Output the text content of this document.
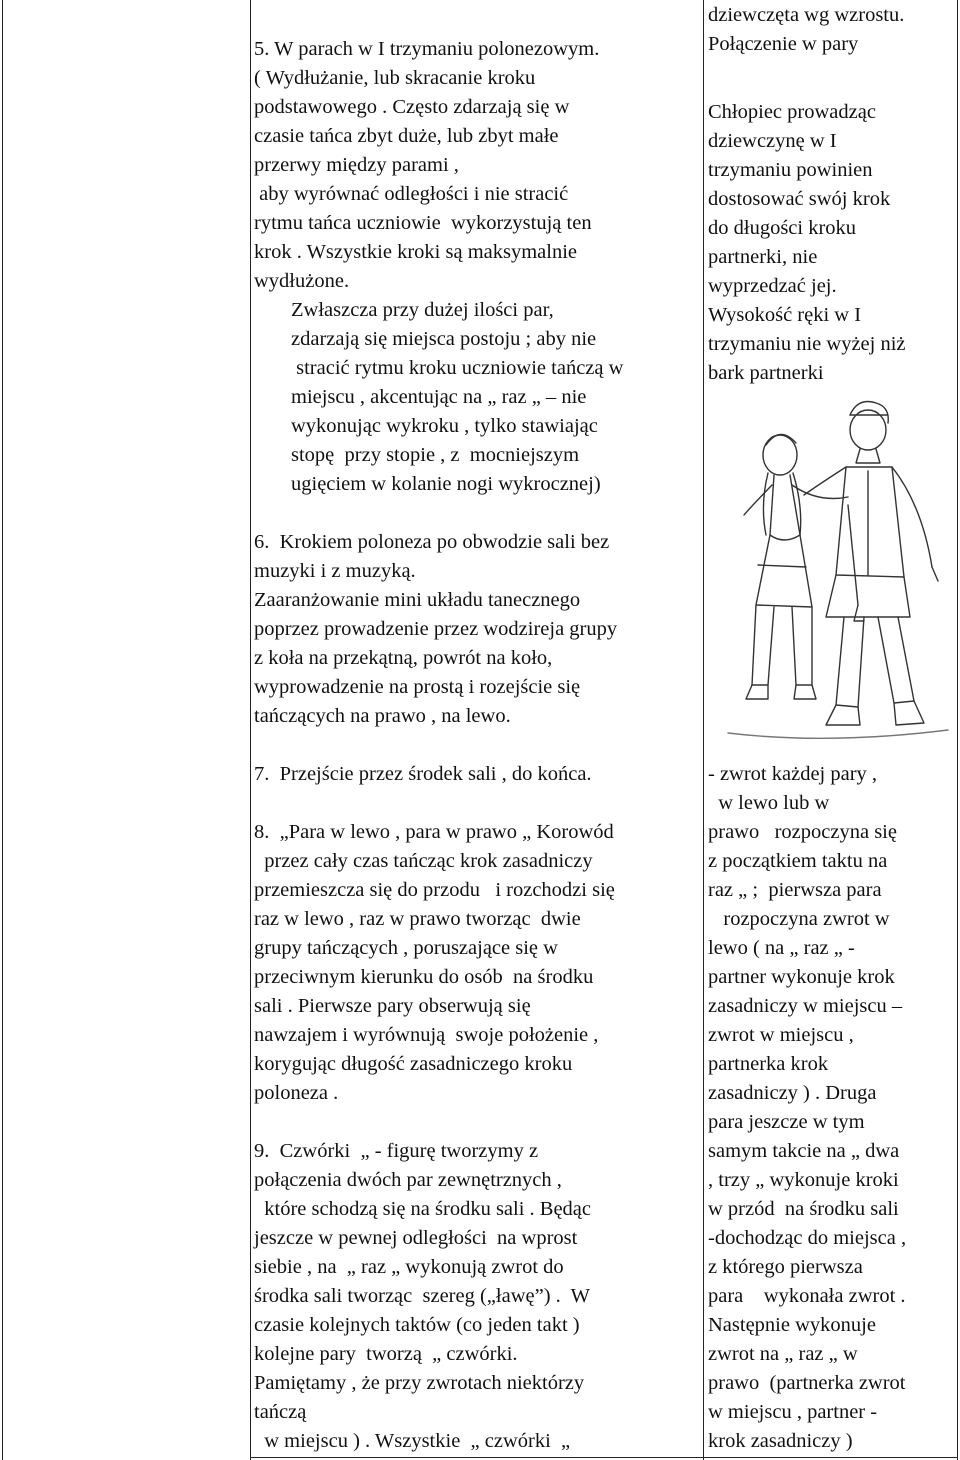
5. W parach w I trzymaniu polonezowym.
( Wydłużanie, lub skracanie kroku
podstawowego . Często zdarzają się w
czasie tańca zbyt duże, lub zbyt małe
przerwy między parami ,
aby wyrównać odległości i nie stracić
rytmu tańca uczniowie  wykorzystują ten
krok . Wszystkie kroki są maksymalnie
wydłużone.
Zwłaszcza przy dużej ilości par,
zdarzają się miejsca postoju ; aby nie
stracić rytmu kroku uczniowie tańczą w
miejscu , akcentując na „ raz „ – nie
wykonując wykroku , tylko stawiając
stopę  przy stopie , z  mocniejszym
ugięciem w kolanie nogi wykrocznej)
6.  Krokiem poloneza po obwodzie sali bez
muzyki i z muzyką.
Zaaranżowanie mini układu tanecznego
poprzez prowadzenie przez wodzireja grupy
z koła na przekątną, powrót na koło,
wyprowadzenie na prostą i rozejście się
tańczących na prawo , na lewo.
7.  Przejście przez środek sali , do końca.
8.  „Para w lewo , para w prawo „ Korowód
przez cały czas tańcząc krok zasadniczy
przemieszcza się do przodu   i rozchodzi się
raz w lewo , raz w prawo tworząc  dwie
grupy tańczących , poruszające się w
przeciwnym kierunku do osób  na środku
sali . Pierwsze pary obserwują się
nawzajem i wyrównują  swoje położenie ,
korygując długość zasadniczego kroku
poloneza .
9.  Czwórki  „ - figurę tworzymy z
połączenia dwóch par zewnętrznych ,
które schodzą się na środku sali . Będąc
jeszcze w pewnej odległości  na wprost
siebie , na  „ raz „ wykonują zwrot do
środka sali tworząc  szereg („ławę”) .  W
czasie kolejnych taktów (co jeden takt )
kolejne pary  tworzą  „ czwórki.
Pamiętamy , że przy zwrotach niektórzy
tańczą
w miejscu ) . Wszystkie  „ czwórki  „
dziewczęta wg wzrostu.
Połączenie w pary
Chłopiec prowadząc
dziewczynę w I
trzymaniu powinien
dostosować swój krok
do długości kroku
partnerki, nie
wyprzedzać jej.
Wysokość ręki w I
trzymaniu nie wyżej niż
bark partnerki
- zwrot każdej pary ,
w lewo lub w
prawo   rozpoczyna się
z początkiem taktu na
raz „ ;  pierwsza para
rozpoczyna zwrot w
lewo ( na „ raz „ -
partner wykonuje krok
zasadniczy w miejscu –
zwrot w miejscu ,
partnerka krok
zasadniczy ) . Druga
para jeszcze w tym
samym takcie na „ dwa
, trzy „ wykonuje kroki
w przód  na środku sali
-dochodząc do miejsca ,
z którego pierwsza
para    wykonała zwrot .
Następnie wykonuje
zwrot na „ raz „ w
prawo  (partnerka zwrot
w miejscu , partner -
krok zasadniczy )
